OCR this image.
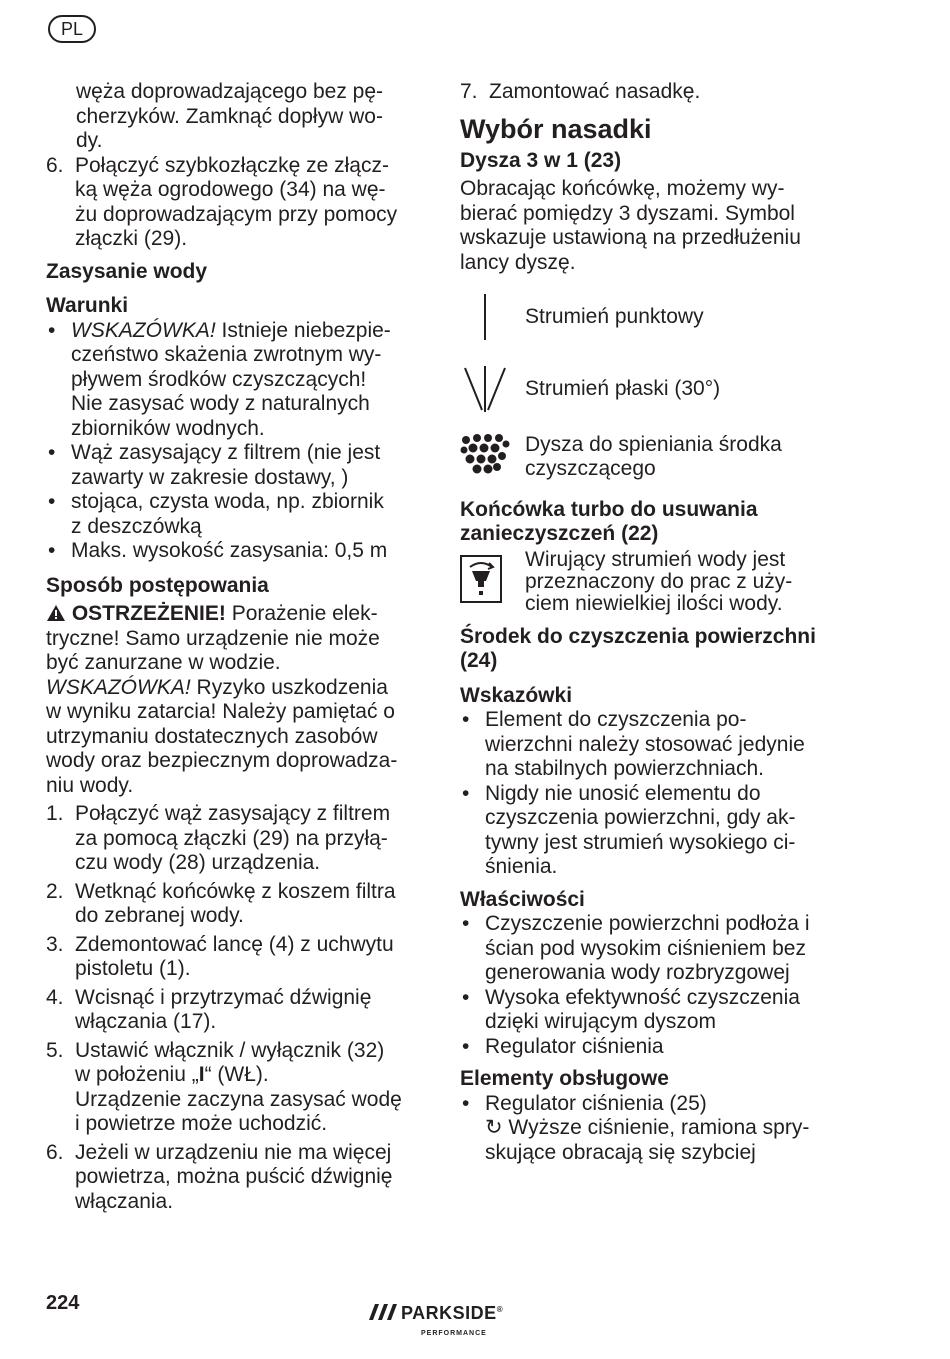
PL

węża doprowadzającego bez pę-

cherzyków. Zamknąć dopływ wo-

dy.

6. Połączyć szybkozłączkę ze złącz-

ką węża ogrodowego (34) na wę-

żu doprowadzającym przy pomocy

złączki (29).

Zasysanie wody

Warunki

• WSKAZÓWKA! Istnieje niebezpie-

czeństwo skażenia zwrotnym wy-

pływem środków czyszczących!

Nie zasysać wody z naturalnych

zbiorników wodnych.

• Wąż zasysający z filtrem (nie jest

zawarty w zakresie dostawy, )

• stojąca, czysta woda, np. zbiornik

z deszczówką

• Maks. wysokość zasysania: 0,5 m

Sposób postępowania

OSTRZEŻENIE! Porażenie elek-

tryczne! Samo urządzenie nie może

być zanurzane w wodzie.

WSKAZÓWKA! Ryzyko uszkodzenia

w wyniku zatarcia! Należy pamiętać o

utrzymaniu dostatecznych zasobów

wody oraz bezpiecznym doprowadza-

niu wody.

1. Połączyć wąż zasysający z filtrem

za pomocą złączki (29) na przyłą-

czu wody (28) urządzenia.

2. Wetknąć końcówkę z koszem filtra

do zebranej wody.

3. Zdemontować lancę (4) z uchwytu

pistoletu (1).

4. Wcisnąć i przytrzymać dźwignię

włączania (17).

5. Ustawić włącznik / wyłącznik (32)

w położeniu „I“ (WŁ).

Urządzenie zaczyna zasysać wodę

i powietrze może uchodzić.

6. Jeżeli w urządzeniu nie ma więcej

powietrza, można puścić dźwignię

włączania.

7. Zamontować nasadkę.

Wybór nasadki

Dysza 3 w 1 (23)

Obracając końcówkę, możemy wy-

bierać pomiędzy 3 dyszami. Symbol

wskazuje ustawioną na przedłużeniu

lancy dyszę.

Strumień punktowy

Strumień płaski (30°)

Dysza do spieniania środka

czyszczącego

Końcówka turbo do usuwania

zanieczyszczeń (22)

Wirujący strumień wody jest

przeznaczony do prac z uży-

ciem niewielkiej ilości wody.

Środek do czyszczenia powierzchni

(24)

Wskazówki

• Element do czyszczenia po-

wierzchni należy stosować jedynie

na stabilnych powierzchniach.

• Nigdy nie unosić elementu do

czyszczenia powierzchni, gdy ak-

tywny jest strumień wysokiego ci-

śnienia.

Właściwości

• Czyszczenie powierzchni podłoża i

ścian pod wysokim ciśnieniem bez

generowania wody rozbryzgowej

• Wysoka efektywność czyszczenia

dzięki wirującym dyszom

• Regulator ciśnienia

Elementy obsługowe

• Regulator ciśnienia (25)

↻ Wyższe ciśnienie, ramiona spry-

skujące obracają się szybciej

224	PARKSIDE®
PERFORMANCE
